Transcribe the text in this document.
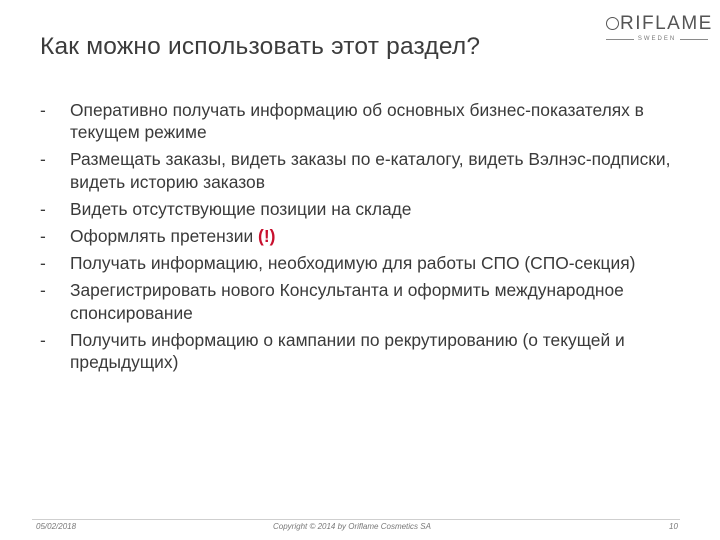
RIFLAME
SWEDEN
Как можно использовать этот раздел?
- Оперативно получать информацию об основных бизнес-показателях в текущем режиме
- Размещать заказы, видеть заказы по е-каталогу, видеть Вэлнэс-подписки, видеть историю заказов
- Видеть отсутствующие позиции на складе
- Оформлять претензии (!)
- Получать информацию, необходимую для работы СПО (СПО-секция)
- Зарегистрировать нового Консультанта и оформить международное спонсирование
- Получить информацию о кампании по рекрутированию (о текущей и предыдущих)
05/02/2018	Copyright © 2014 by Oriflame Cosmetics SA	10
